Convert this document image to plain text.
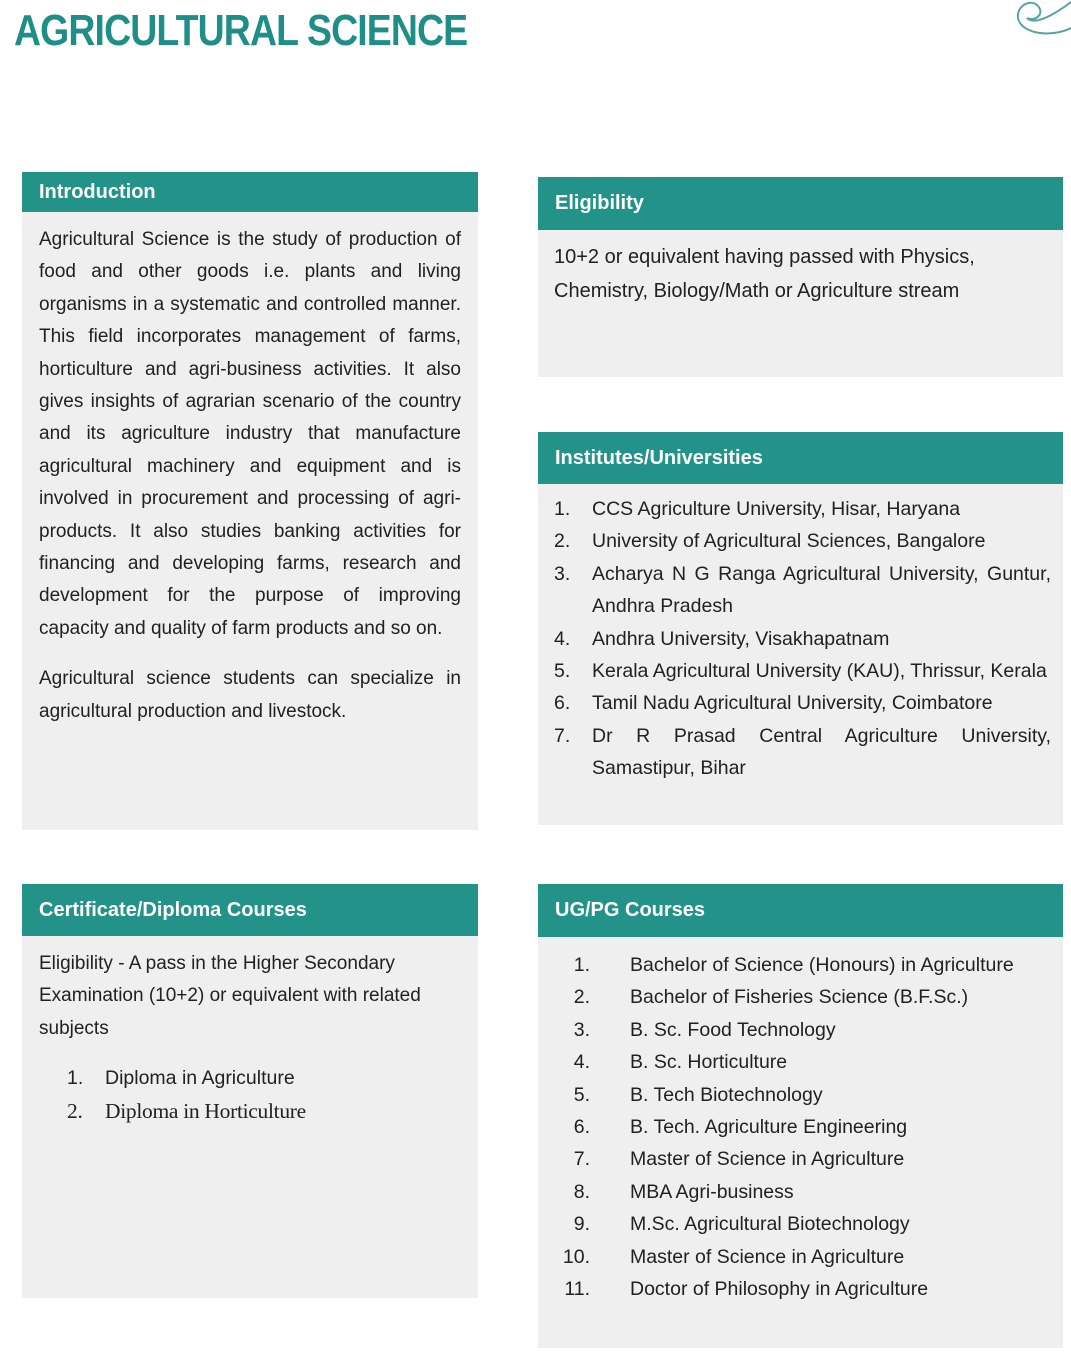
AGRICULTURAL SCIENCE
Introduction

Agricultural Science is the study of production of food and other goods i.e. plants and living organisms in a systematic and controlled manner. This field incorporates management of farms, horticulture and agri-business activities. It also gives insights of agrarian scenario of the country and its agriculture industry that manufacture agricultural machinery and equipment and is involved in procurement and processing of agri-products. It also studies banking activities for financing and developing farms, research and development for the purpose of improving capacity and quality of farm products and so on.

Agricultural science students can specialize in agricultural production and livestock.

Eligibility

10+2 or equivalent having passed with Physics, Chemistry, Biology/Math or Agriculture stream

Institutes/Universities
CCS Agriculture University, Hisar, Haryana
University of Agricultural Sciences, Bangalore
Acharya N G Ranga Agricultural University, Guntur, Andhra Pradesh
Andhra University, Visakhapatnam
Kerala Agricultural University (KAU), Thrissur, Kerala
Tamil Nadu Agricultural University, Coimbatore
Dr R Prasad Central Agriculture University, Samastipur, Bihar
Certificate/Diploma Courses

Eligibility - A pass in the Higher Secondary Examination (10+2) or equivalent with related subjects

Diploma in Agriculture
Diploma in Horticulture
UG/PG Courses
Bachelor of Science (Honours) in Agriculture
Bachelor of Fisheries Science (B.F.Sc.)
B. Sc. Food Technology
B. Sc. Horticulture
B. Tech Biotechnology
B. Tech. Agriculture Engineering
Master of Science in Agriculture
MBA Agri-business
M.Sc. Agricultural Biotechnology
Master of Science in Agriculture
Doctor of Philosophy in Agriculture
